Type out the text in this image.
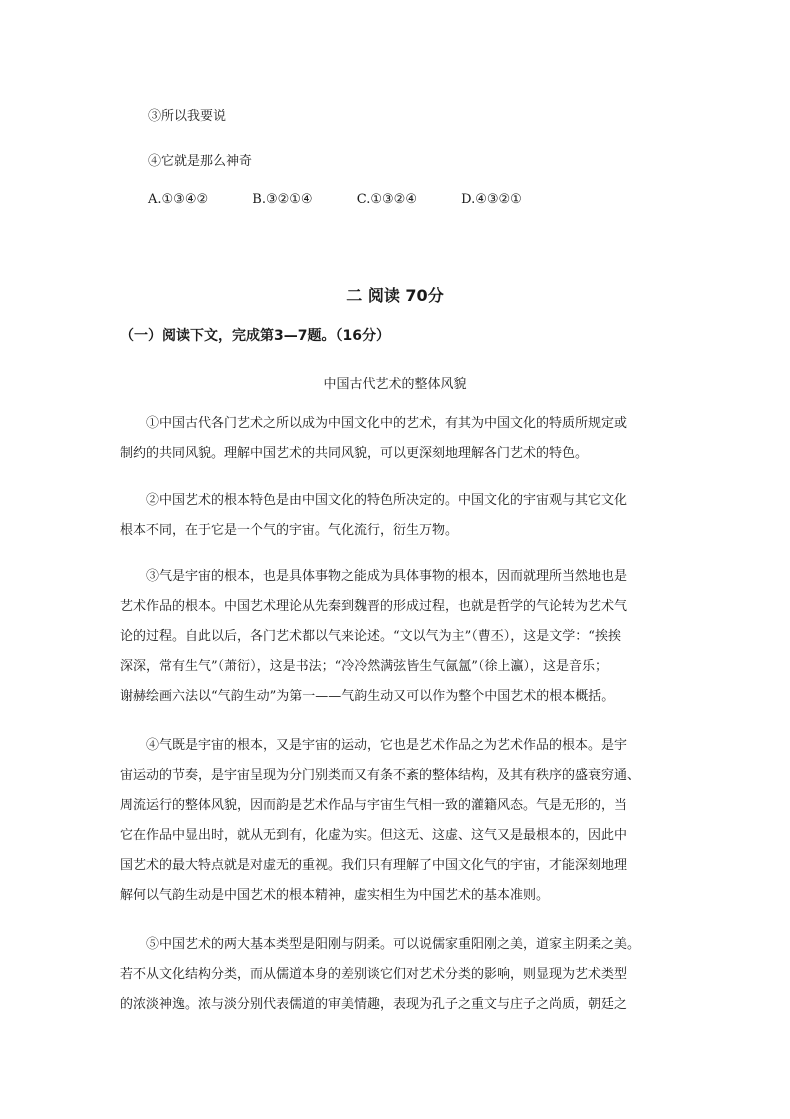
③所以我要说
④它就是那么神奇
A.①③④②	B.③②①④	C.①③②④	D.④③②①
二 阅读 70分
（一）阅读下文，完成第3—7题。（16分）
中国古代艺术的整体风貌
①中国古代各门艺术之所以成为中国文化中的艺术，有其为中国文化的特质所规定或
制约的共同风貌。理解中国艺术的共同风貌，可以更深刻地理解各门艺术的特色。
②中国艺术的根本特色是由中国文化的特色所决定的。中国文化的宇宙观与其它文化
根本不同，在于它是一个气的宇宙。气化流行，衍生万物。
③气是宇宙的根本，也是具体事物之能成为具体事物的根本，因而就理所当然地也是
艺术作品的根本。中国艺术理论从先秦到魏晋的形成过程，也就是哲学的气论转为艺术气
论的过程。自此以后，各门艺术都以气来论述。“文以气为主”（曹丕），这是文学：“挨挨
深深，常有生气”（萧衍），这是书法；“冷冷然满弦皆生气氤氲”（徐上瀛），这是音乐；
谢赫绘画六法以“气韵生动”为第一——气韵生动又可以作为整个中国艺术的根本概括。
④气既是宇宙的根本，又是宇宙的运动，它也是艺术作品之为艺术作品的根本。是宇
宙运动的节奏，是宇宙呈现为分门别类而又有条不紊的整体结构，及其有秩序的盛衰穷通、
周流运行的整体风貌，因而韵是艺术作品与宇宙生气相一致的灌籍风态。气是无形的，当
它在作品中显出时，就从无到有，化虚为实。但这无、这虚、这气又是最根本的，因此中
国艺术的最大特点就是对虚无的重视。我们只有理解了中国文化气的宇宙，才能深刻地理
解何以气韵生动是中国艺术的根本精神，虚实相生为中国艺术的基本准则。
⑤中国艺术的两大基本类型是阳刚与阴柔。可以说儒家重阳刚之美，道家主阴柔之美。
若不从文化结构分类，而从儒道本身的差别谈它们对艺术分类的影响，则显现为艺术类型
的浓淡神逸。浓与淡分别代表儒道的审美情趣，表现为孔子之重文与庄子之尚质，朝廷之
